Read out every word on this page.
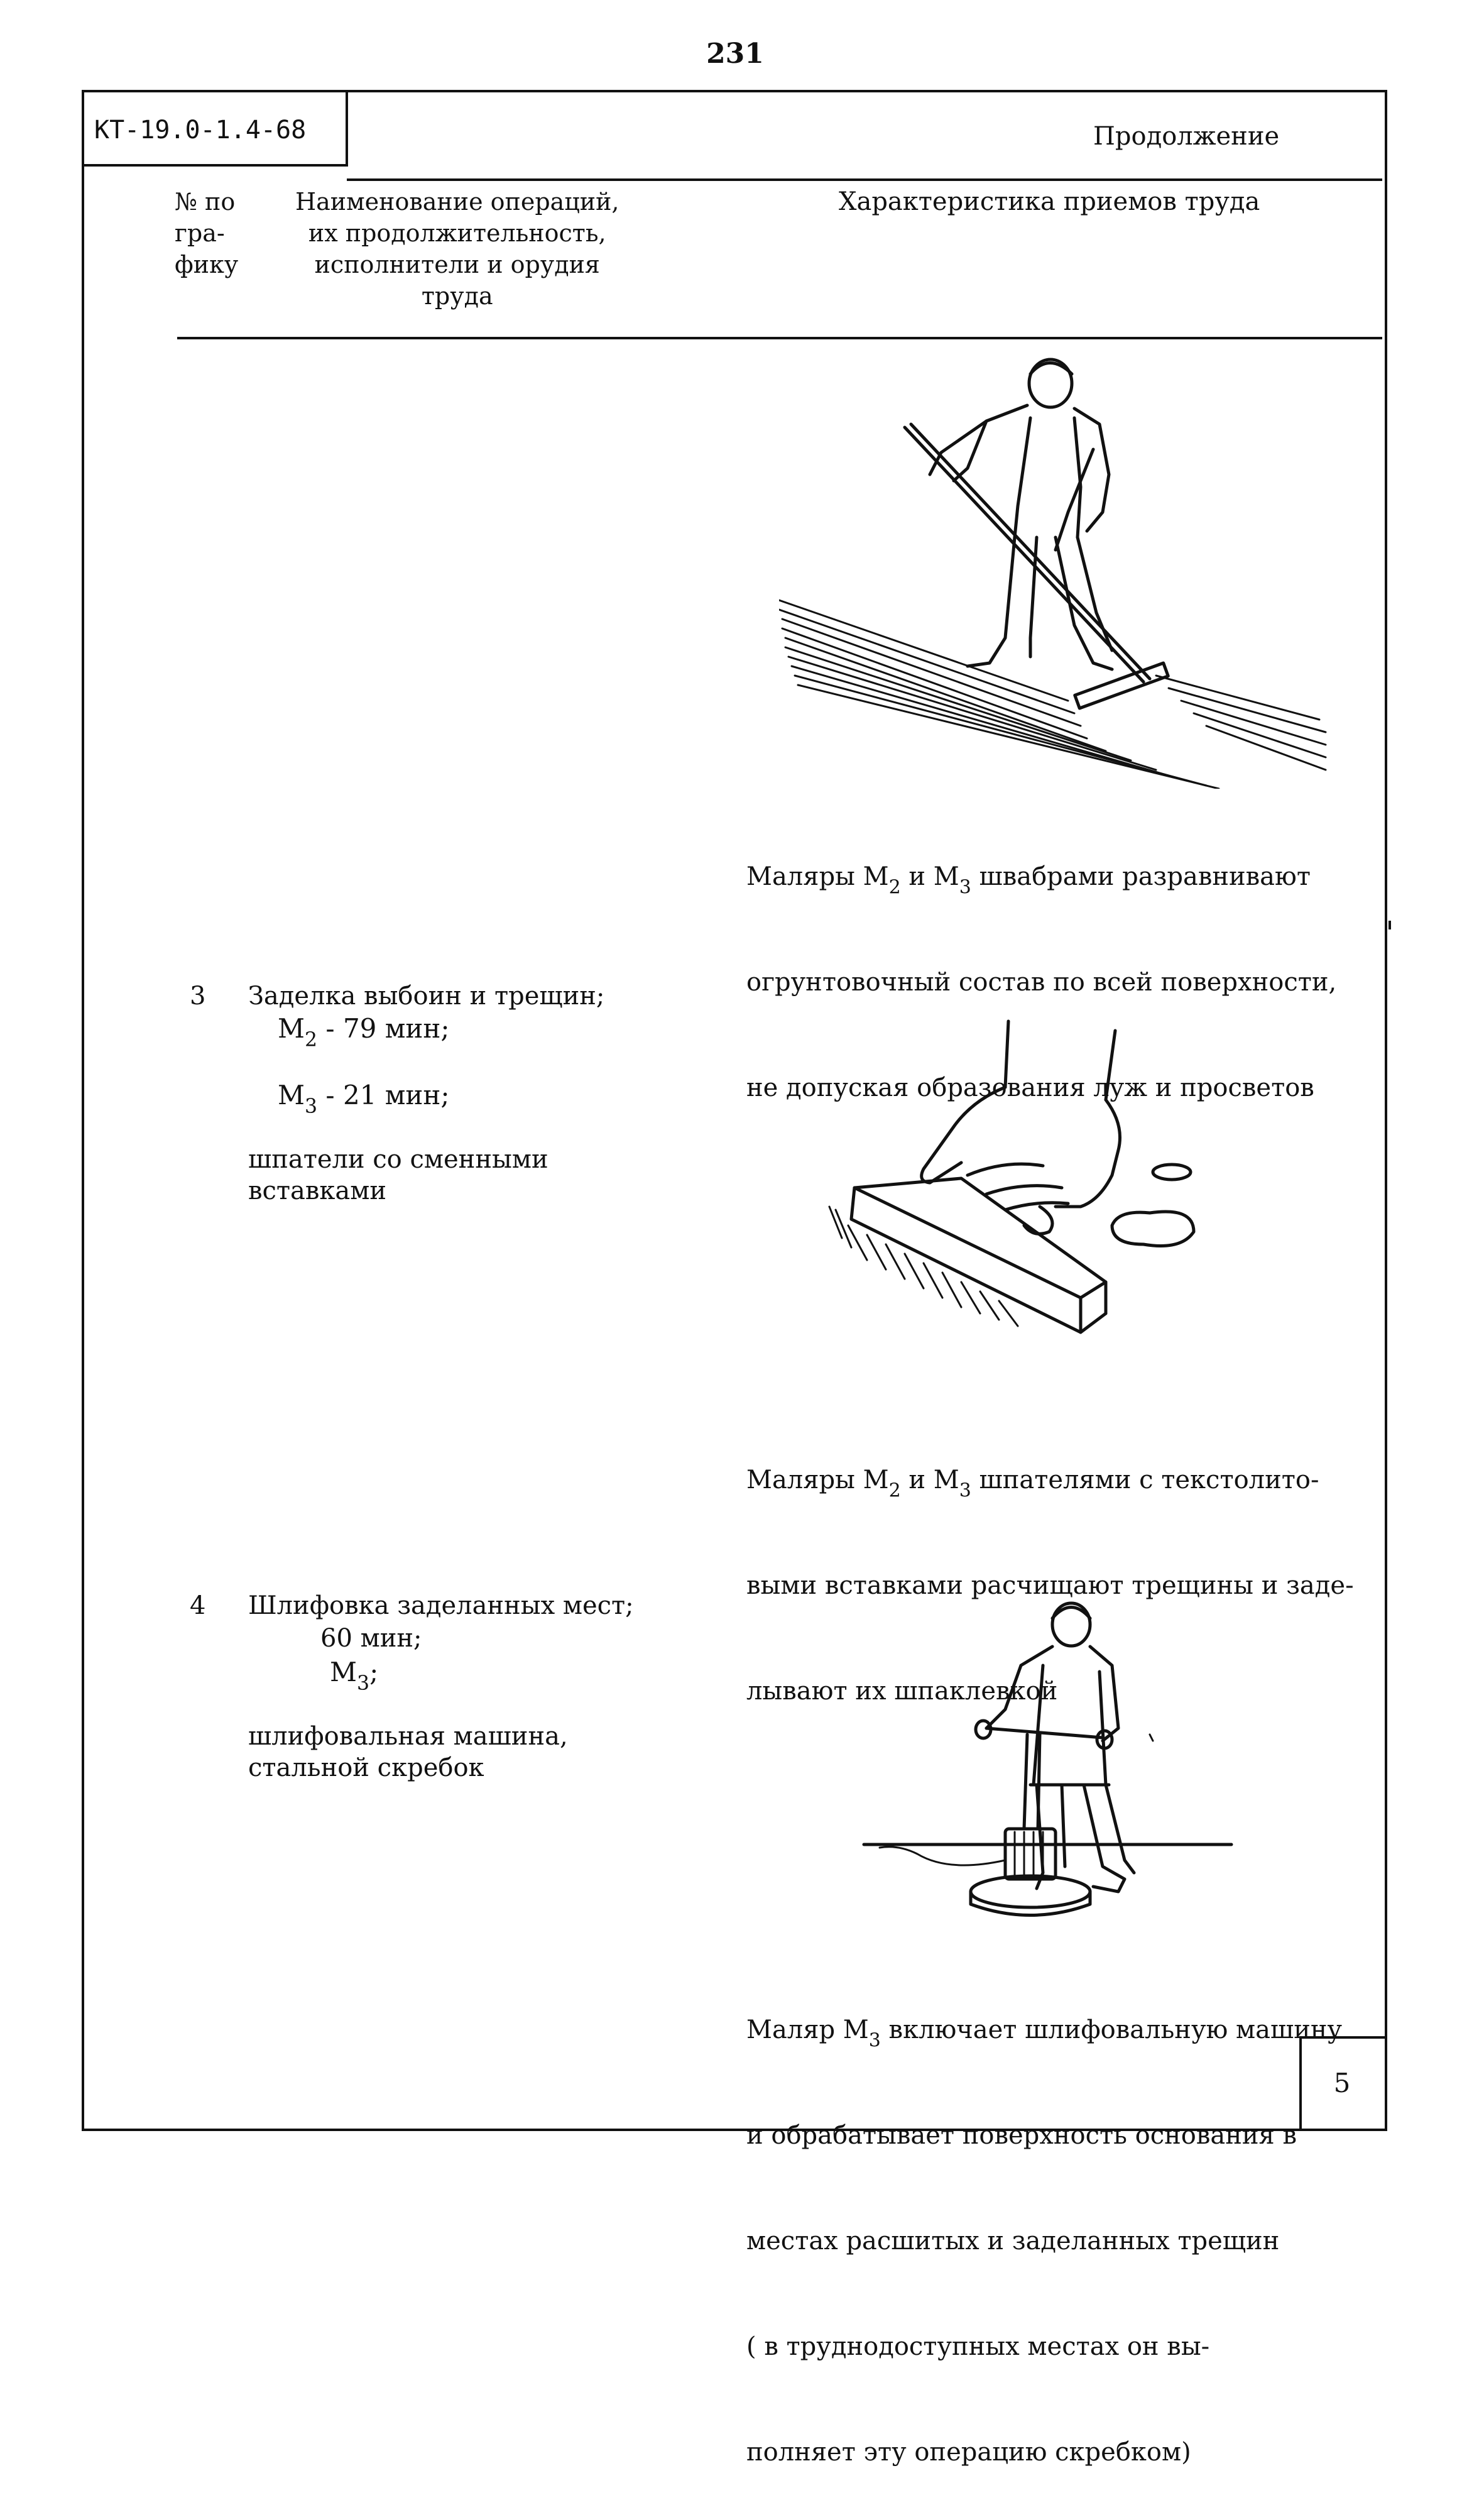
231
КТ-19.0-1.4-68	Продолжение
№ по
гра-
фику
Наименование операций,
их продолжительность,
исполнители и орудия
труда
Характеристика приемов труда

Маляры $М_2$ и $М_3$ швабрами разравнивают

огрунтовочный состав по всей поверхности,

не допуская образования луж и просветов

3 Заделка выбоин и трещин;
$М_2 - 79$ мин;
$М_3 - 21$ мин;
шпатели со сменными
вставками

Маляры $М_2$ и $М_3$ шпателями с текстолито-

выми вставками расчищают трещины и заде-

лывают их шпаклевкой

4 Шлифовка заделанных мест;
60 мин;
$М_3$;
шлифовальная машина,
стальной скребок

Маляр $М_3$ включает шлифовальную машину

и обрабатывает поверхность основания в

местах расшитых и заделанных трещин

( в труднодоступных местах он вы-

полняет эту операцию скребком)

5
